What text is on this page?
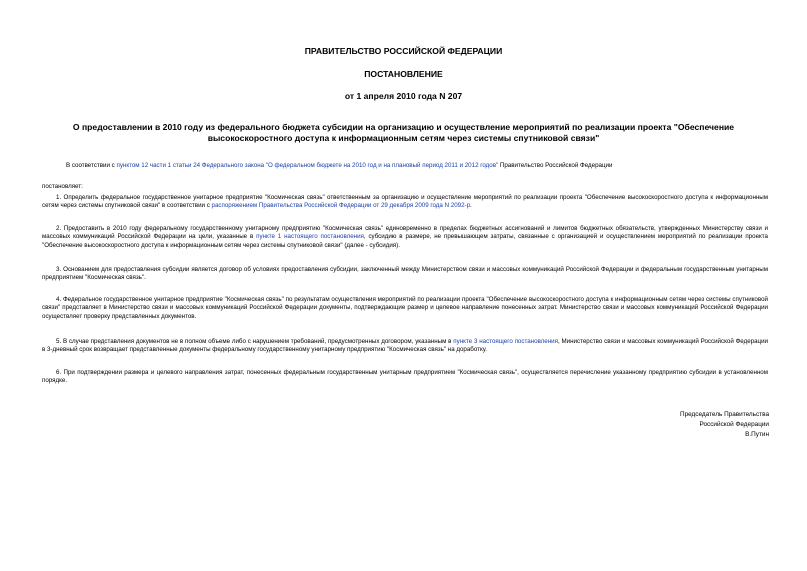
ПРАВИТЕЛЬСТВО РОССИЙСКОЙ ФЕДЕРАЦИИ
ПОСТАНОВЛЕНИЕ
от 1 апреля 2010 года N 207
О предоставлении в 2010 году из федерального бюджета субсидии на организацию и осуществление мероприятий по реализации проекта "Обеспечение высокоскоростного доступа к информационным сетям через системы спутниковой связи"
В соответствии с пунктом 12 части 1 статьи 24 Федерального закона "О федеральном бюджете на 2010 год и на плановый период 2011 и 2012 годов" Правительство Российской Федерации
постановляет:
1. Определить федеральное государственное унитарное предприятие "Космическая связь" ответственным за организацию и осуществление мероприятий по реализации проекта "Обеспечение высокоскоростного доступа к информационным сетям через системы спутниковой связи" в соответствии с распоряжением Правительства Российской Федерации от 29 декабря 2009 года N 2092-р.
2. Предоставить в 2010 году федеральному государственному унитарному предприятию "Космическая связь" единовременно в пределах бюджетных ассигнований и лимитов бюджетных обязательств, утвержденных Министерству связи и массовых коммуникаций Российской Федерации на цели, указанные в пункте 1 настоящего постановления, субсидию в размере, не превышающем затраты, связанные с организацией и осуществлением мероприятий по реализации проекта "Обеспечение высокоскоростного доступа к информационным сетям через системы спутниковой связи" (далее - субсидия).
3. Основанием для предоставления субсидии является договор об условиях предоставления субсидии, заключенный между Министерством связи и массовых коммуникаций Российской Федерации и федеральным государственным унитарным предприятием "Космическая связь".
4. Федеральное государственное унитарное предприятие "Космическая связь" по результатам осуществления мероприятий по реализации проекта "Обеспечение высокоскоростного доступа к информационным сетям через системы спутниковой связи" представляет в Министерство связи и массовых коммуникаций Российской Федерации документы, подтверждающие размер и целевое направление понесенных затрат. Министерство связи и массовых коммуникаций Российской Федерации осуществляет проверку представленных документов.
5. В случае представления документов не в полном объеме либо с нарушением требований, предусмотренных договором, указанным в пункте 3 настоящего постановления, Министерство связи и массовых коммуникаций Российской Федерации в 3-дневный срок возвращает представленные документы федеральному государственному унитарному предприятию "Космическая связь" на доработку.
6. При подтверждении размера и целевого направления затрат, понесенных федеральным государственным унитарным предприятием "Космическая связь", осуществляется перечисление указанному предприятию субсидии в установленном порядке.
Председатель Правительства
Российской Федерации
В.Путин
